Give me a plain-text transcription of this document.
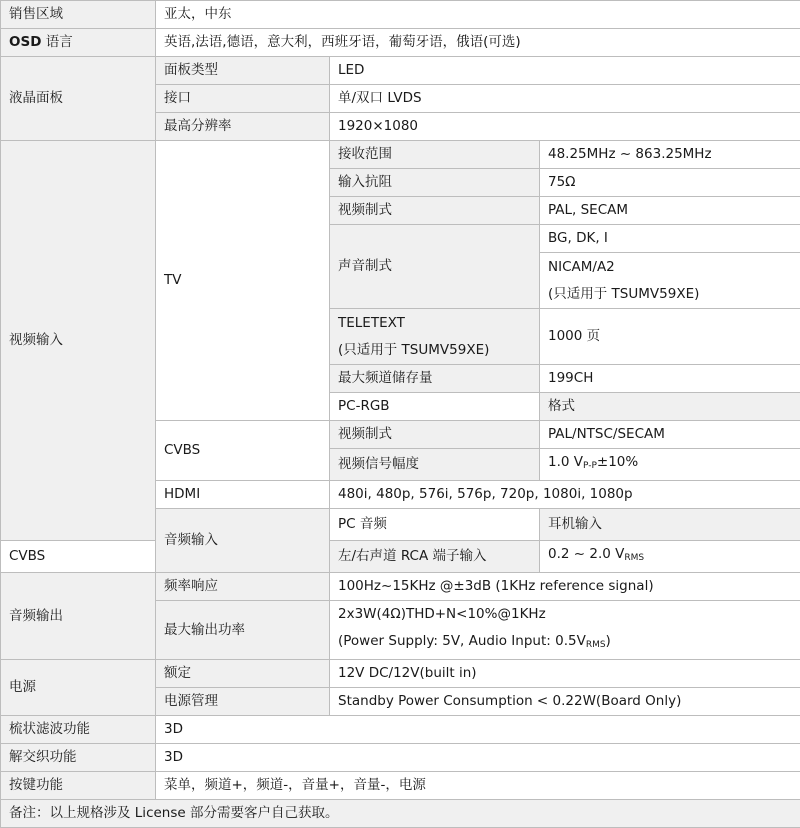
销售区域	亚太，中东			
OSD 语言	英语,法语,德语，意大利，西班牙语，葡萄牙语，俄语(可选)			
液晶面板	面板类型	LED		
	接口	单/双口 LVDS		
	最高分辨率	1920×1080		
视频输入	TV	接收范围	48.25MHz ~ 863.25MHz	
		输入抗阻	75Ω	
		视频制式	PAL, SECAM	
		声音制式	BG, DK, I	

			NICAM/A2
(只适用于 TSUMV59XE)	

		TELETEXT
(只适用于 TSUMV59XE)	1000 页	
		最大频道储存量	199CH	
		PC-RGB	格式	
	CVBS	视频制式	PAL/NTSC/SECAM	
		视频信号幅度	1.0 $V_{P-P}\pm 10\%$	
	HDMI	480i, 480p, 576i, 576p, 720p, 1080i, 1080p		
	音频输入	PC 音频	耳机输入	
CVBS		左/右声道 RCA 端子输入	0.2 ~ 2.0 $V_{RMS}$
音频输出	频率响应	100Hz~15KHz @±3dB (1KHz reference signal)		
	最大输出功率	2x3W(4Ω)THD+N<10%@1KHz
(Power Supply: 5V, Audio Input: $0.5V_{RMS}$)		

电源	额定	12V DC/12V(built in)		
	电源管理	Standby Power Consumption < 0.22W(Board Only)		
梳状滤波功能	3D			
解交织功能	3D			
按键功能	菜单，频道+，频道-，音量+，音量-，电源			
备注：以上规格涉及 License 部分需要客户自己获取。				
